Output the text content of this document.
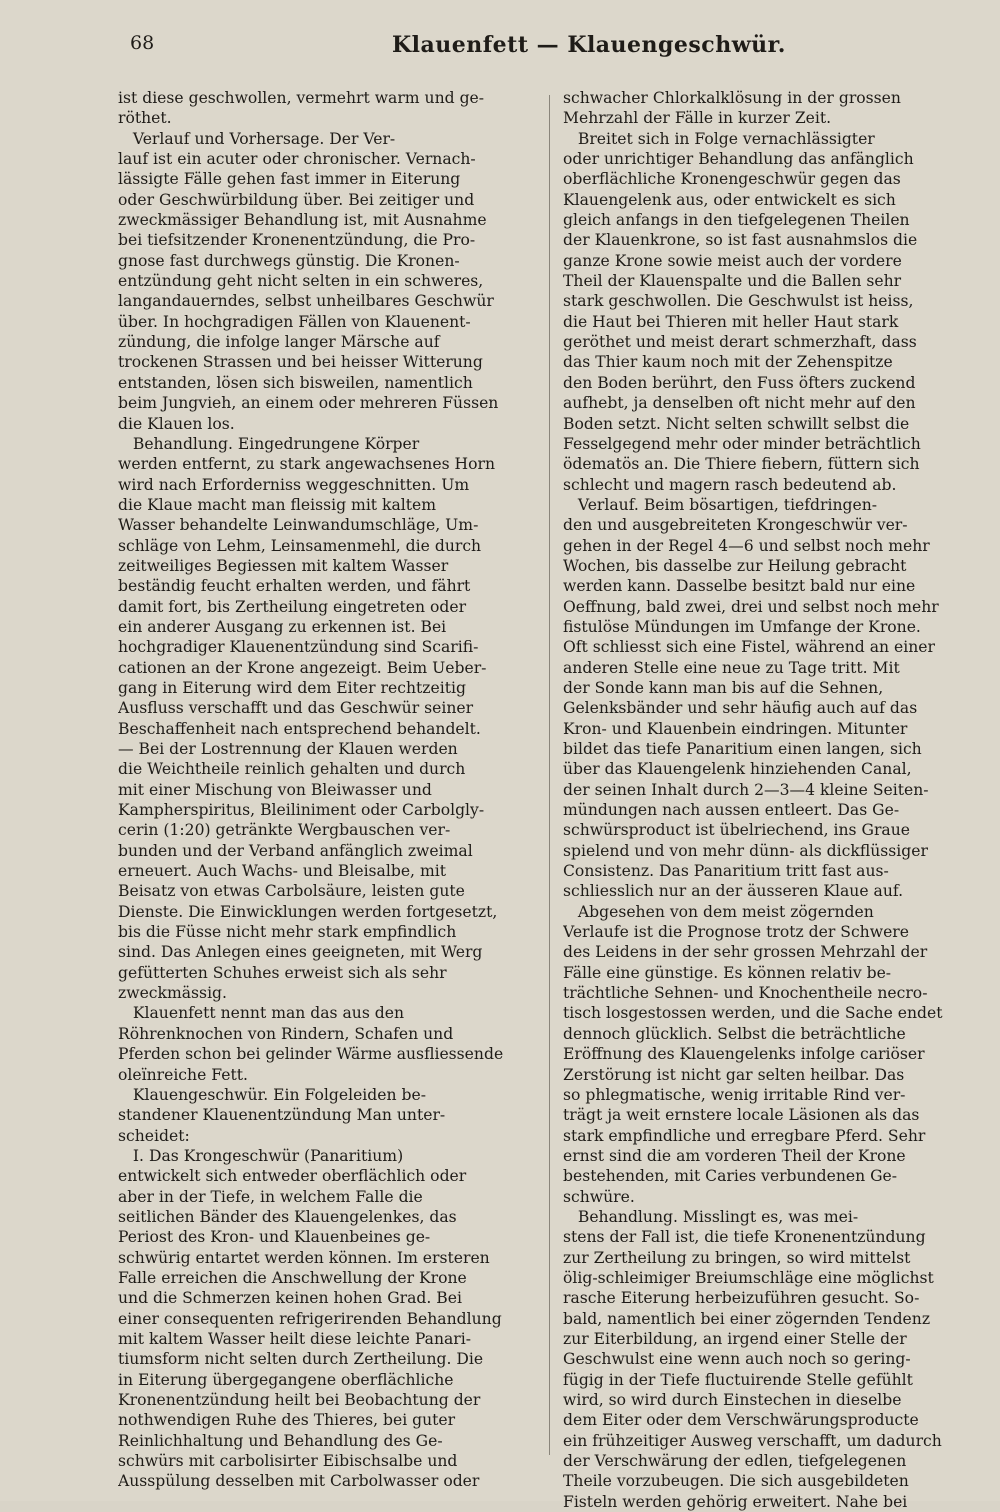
68	Klauenfett — Klauengeschwür.
ist diese geschwollen, vermehrt warm und ge-
röthet.
Verlauf und Vorhersage. Der Ver-
lauf ist ein acuter oder chronischer. Vernach-
lässigte Fälle gehen fast immer in Eiterung
oder Geschwürbildung über. Bei zeitiger und
zweckmässiger Behandlung ist, mit Ausnahme
bei tiefsitzender Kronenentzündung, die Pro-
gnose fast durchwegs günstig. Die Kronen-
entzündung geht nicht selten in ein schweres,
langandauerndes, selbst unheilbares Geschwür
über. In hochgradigen Fällen von Klauenent-
zündung, die infolge langer Märsche auf
trockenen Strassen und bei heisser Witterung
entstanden, lösen sich bisweilen, namentlich
beim Jungvieh, an einem oder mehreren Füssen
die Klauen los.
Behandlung. Eingedrungene Körper
werden entfernt, zu stark angewachsenes Horn
wird nach Erforderniss weggeschnitten. Um
die Klaue macht man fleissig mit kaltem
Wasser behandelte Leinwandumschläge, Um-
schläge von Lehm, Leinsamenmehl, die durch
zeitweiliges Begiessen mit kaltem Wasser
beständig feucht erhalten werden, und fährt
damit fort, bis Zertheilung eingetreten oder
ein anderer Ausgang zu erkennen ist. Bei
hochgradiger Klauenentzündung sind Scarifi-
cationen an der Krone angezeigt. Beim Ueber-
gang in Eiterung wird dem Eiter rechtzeitig
Ausfluss verschafft und das Geschwür seiner
Beschaffenheit nach entsprechend behandelt.
— Bei der Lostrennung der Klauen werden
die Weichtheile reinlich gehalten und durch
mit einer Mischung von Bleiwasser und
Kampherspiritus, Bleiliniment oder Carbolgly-
cerin (1:20) getränkte Wergbauschen ver-
bunden und der Verband anfänglich zweimal
erneuert. Auch Wachs- und Bleisalbe, mit
Beisatz von etwas Carbolsäure, leisten gute
Dienste. Die Einwicklungen werden fortgesetzt,
bis die Füsse nicht mehr stark empfindlich
sind. Das Anlegen eines geeigneten, mit Werg
gefütterten Schuhes erweist sich als sehr
zweckmässig.
Klauenfett nennt man das aus den
Röhrenknochen von Rindern, Schafen und
Pferden schon bei gelinder Wärme ausfliessende
oleïnreiche Fett.
Klauengeschwür. Ein Folgeleiden be-
standener Klauenentzündung Man unter-
scheidet:
I. Das Krongeschwür (Panaritium)
entwickelt sich entweder oberflächlich oder
aber in der Tiefe, in welchem Falle die
seitlichen Bänder des Klauengelenkes, das
Periost des Kron- und Klauenbeines ge-
schwürig entartet werden können. Im ersteren
Falle erreichen die Anschwellung der Krone
und die Schmerzen keinen hohen Grad. Bei
einer consequenten refrigerirenden Behandlung
mit kaltem Wasser heilt diese leichte Panari-
tiumsform nicht selten durch Zertheilung. Die
in Eiterung übergegangene oberflächliche
Kronenentzündung heilt bei Beobachtung der
nothwendigen Ruhe des Thieres, bei guter
Reinlichhaltung und Behandlung des Ge-
schwürs mit carbolisirter Eibischsalbe und
Ausspülung desselben mit Carbolwasser oder
schwacher Chlorkalklösung in der grossen
Mehrzahl der Fälle in kurzer Zeit.
Breitet sich in Folge vernachlässigter
oder unrichtiger Behandlung das anfänglich
oberflächliche Kronengeschwür gegen das
Klauengelenk aus, oder entwickelt es sich
gleich anfangs in den tiefgelegenen Theilen
der Klauenkrone, so ist fast ausnahmslos die
ganze Krone sowie meist auch der vordere
Theil der Klauenspalte und die Ballen sehr
stark geschwollen. Die Geschwulst ist heiss,
die Haut bei Thieren mit heller Haut stark
geröthet und meist derart schmerzhaft, dass
das Thier kaum noch mit der Zehenspitze
den Boden berührt, den Fuss öfters zuckend
aufhebt, ja denselben oft nicht mehr auf den
Boden setzt. Nicht selten schwillt selbst die
Fesselgegend mehr oder minder beträchtlich
ödematös an. Die Thiere fiebern, füttern sich
schlecht und magern rasch bedeutend ab.
Verlauf. Beim bösartigen, tiefdringen-
den und ausgebreiteten Krongeschwür ver-
gehen in der Regel 4—6 und selbst noch mehr
Wochen, bis dasselbe zur Heilung gebracht
werden kann. Dasselbe besitzt bald nur eine
Oeffnung, bald zwei, drei und selbst noch mehr
fistulöse Mündungen im Umfange der Krone.
Oft schliesst sich eine Fistel, während an einer
anderen Stelle eine neue zu Tage tritt. Mit
der Sonde kann man bis auf die Sehnen,
Gelenksbänder und sehr häufig auch auf das
Kron- und Klauenbein eindringen. Mitunter
bildet das tiefe Panaritium einen langen, sich
über das Klauengelenk hinziehenden Canal,
der seinen Inhalt durch 2—3—4 kleine Seiten-
mündungen nach aussen entleert. Das Ge-
schwürsproduct ist übelriechend, ins Graue
spielend und von mehr dünn- als dickflüssiger
Consistenz. Das Panaritium tritt fast aus-
schliesslich nur an der äusseren Klaue auf.
Abgesehen von dem meist zögernden
Verlaufe ist die Prognose trotz der Schwere
des Leidens in der sehr grossen Mehrzahl der
Fälle eine günstige. Es können relativ be-
trächtliche Sehnen- und Knochentheile necro-
tisch losgestossen werden, und die Sache endet
dennoch glücklich. Selbst die beträchtliche
Eröffnung des Klauengelenks infolge cariöser
Zerstörung ist nicht gar selten heilbar. Das
so phlegmatische, wenig irritable Rind ver-
trägt ja weit ernstere locale Läsionen als das
stark empfindliche und erregbare Pferd. Sehr
ernst sind die am vorderen Theil der Krone
bestehenden, mit Caries verbundenen Ge-
schwüre.
Behandlung. Misslingt es, was mei-
stens der Fall ist, die tiefe Kronenentzündung
zur Zertheilung zu bringen, so wird mittelst
ölig-schleimiger Breiumschläge eine möglichst
rasche Eiterung herbeizuführen gesucht. So-
bald, namentlich bei einer zögernden Tendenz
zur Eiterbildung, an irgend einer Stelle der
Geschwulst eine wenn auch noch so gering-
fügig in der Tiefe fluctuirende Stelle gefühlt
wird, so wird durch Einstechen in dieselbe
dem Eiter oder dem Verschwärungsproducte
ein frühzeitiger Ausweg verschafft, um dadurch
der Verschwärung der edlen, tiefgelegenen
Theile vorzubeugen. Die sich ausgebildeten
Fisteln werden gehörig erweitert. Nahe bei
